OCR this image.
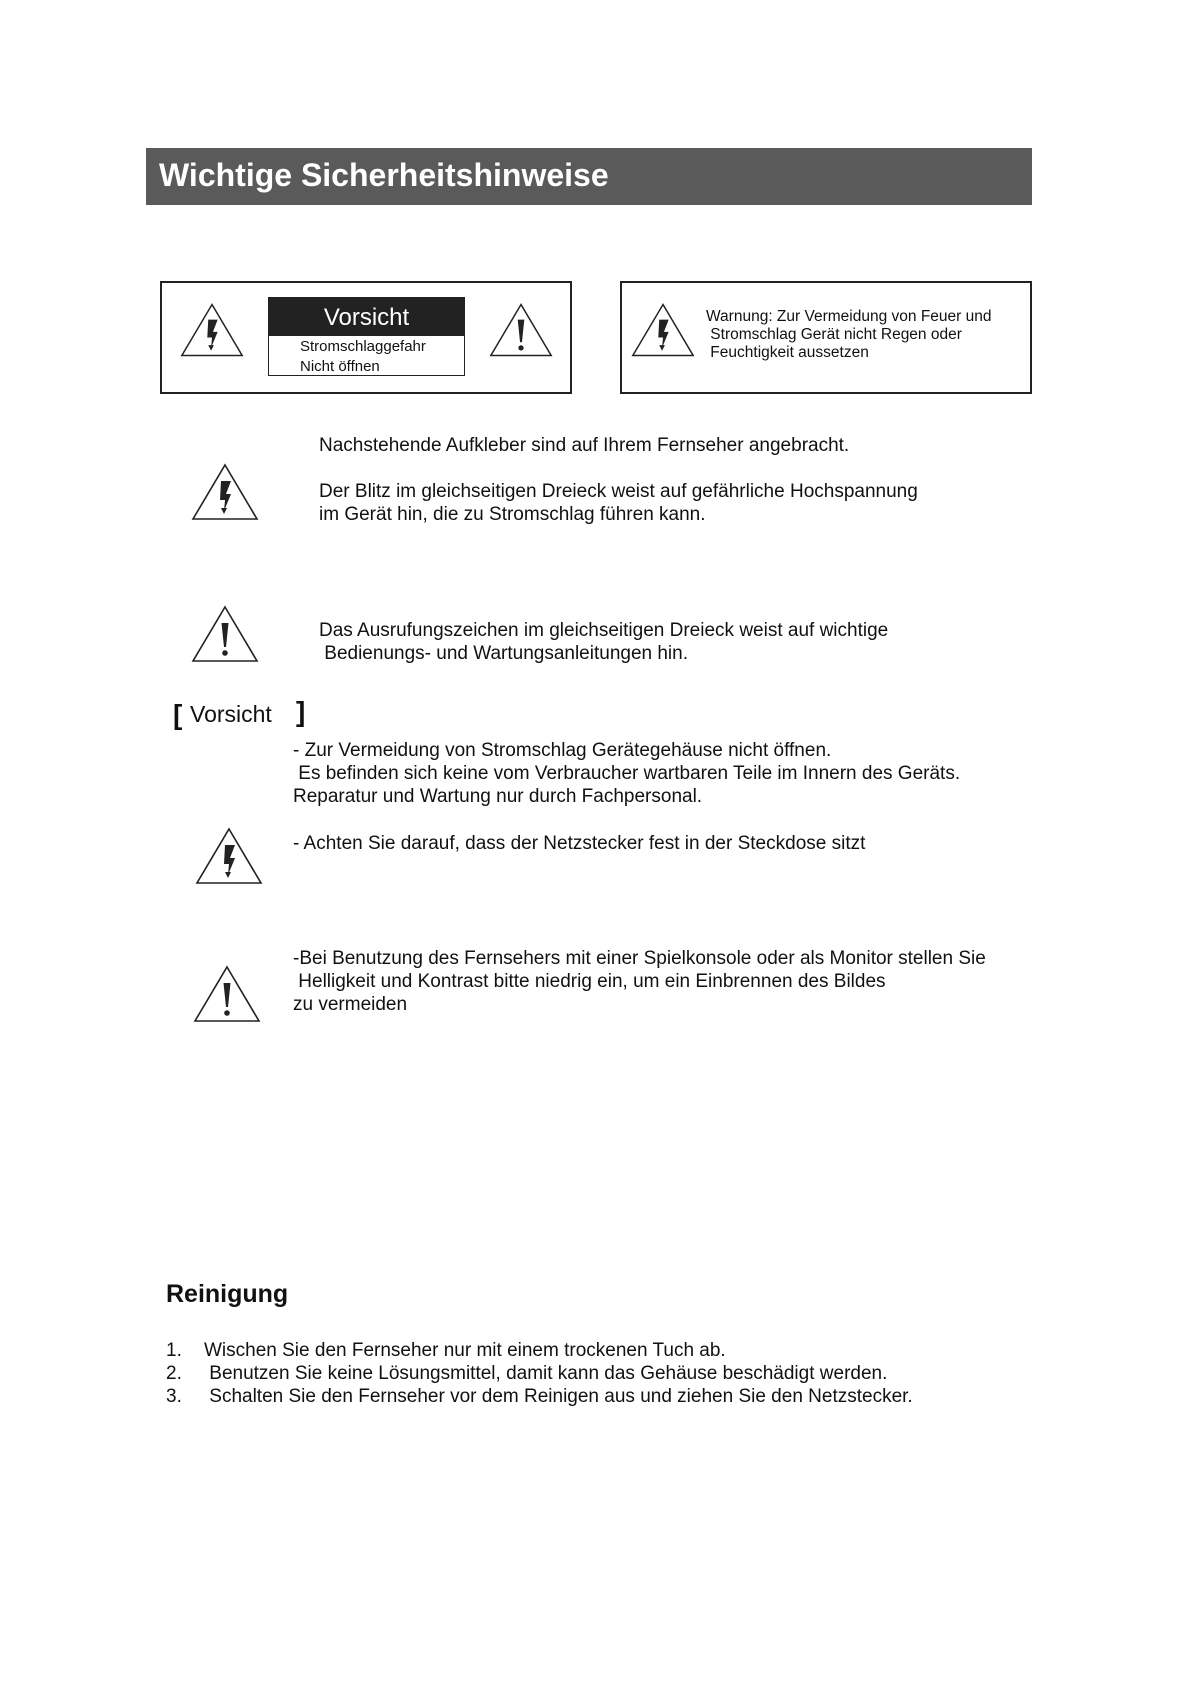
Wichtige Sicherheitshinweise
Vorsicht
Stromschlaggefahr
Nicht öffnen
Warnung: Zur Vermeidung von Feuer und
Stromschlag Gerät nicht Regen oder
Feuchtigkeit aussetzen
Nachstehende Aufkleber sind auf Ihrem Fernseher angebracht.
Der Blitz im gleichseitigen Dreieck weist auf gefährliche Hochspannung
im Gerät hin, die zu Stromschlag führen kann.
Das Ausrufungszeichen im gleichseitigen Dreieck weist auf wichtige
Bedienungs- und Wartungsanleitungen hin.
[ Vorsicht ]
- Zur Vermeidung von Stromschlag Gerätegehäuse nicht öffnen.
Es befinden sich keine vom Verbraucher wartbaren Teile im Innern des Geräts.
Reparatur und Wartung nur durch Fachpersonal.
- Achten Sie darauf, dass der Netzstecker fest in der Steckdose sitzt
-Bei Benutzung des Fernsehers mit einer Spielkonsole oder als Monitor stellen Sie
Helligkeit und Kontrast bitte niedrig ein, um ein Einbrennen des Bildes
zu vermeiden
Reinigung
1. Wischen Sie den Fernseher nur mit einem trockenen Tuch ab.
2. Benutzen Sie keine Lösungsmittel, damit kann das Gehäuse beschädigt werden.
3. Schalten Sie den Fernseher vor dem Reinigen aus und ziehen Sie den Netzstecker.
